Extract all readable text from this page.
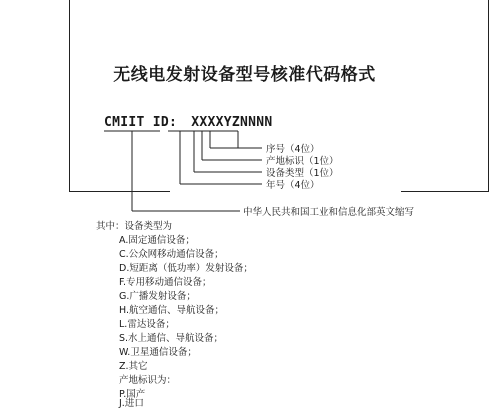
无线电发射设备型号核准代码格式
CMIIT ID: XXXXYZNNNN
序号（4位）
产地标识（1位）
设备类型（1位）
年号（4位）
中华人民共和国工业和信息化部英文缩写
其中：设备类型为
A.固定通信设备；
C.公众网移动通信设备；
D.短距离（低功率）发射设备；
F.专用移动通信设备；
G.广播发射设备；
H.航空通信、导航设备；
L.雷达设备；
S.水上通信、导航设备；
W.卫星通信设备；
Z.其它
产地标识为：
P.国产
J.进口
